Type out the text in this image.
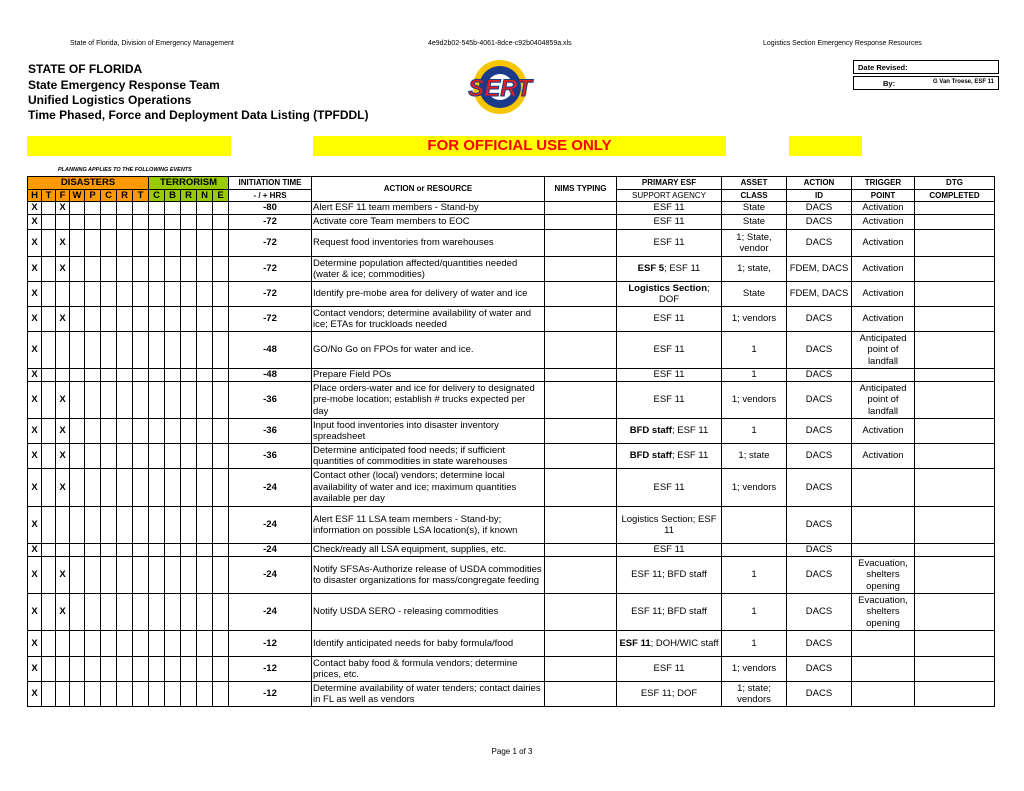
State of Florida, Division of Emergency Management	4e9d2b02-545b-4061-8dce-c92b0404859a.xls	Logistics Section Emergency Response Resources
STATE OF FLORIDA
State Emergency Response Team
Unified Logistics Operations
Time Phased, Force and Deployment Data Listing (TPFDDL)
SERT
Date Revised:
By:	G Van Troese, ESF 11
FOR OFFICIAL USE ONLY
PLANNING APPLIES TO THE FOLLOWING EVENTS
DISASTERS								TERRORISM					INITIATION TIME	ACTION or RESOURCE	NIMS TYPING	PRIMARY ESF	ASSET	ACTION	TRIGGER	DTG
H	T	F	W	P	C	R	T	C	B	R	N	E	- / + HRS			SUPPORT AGENCY	CLASS	ID	POINT	COMPLETED
X		X											-80	Alert ESF 11 team members - Stand-by		ESF 11	State	DACS	Activation	
X													-72	Activate core Team members to EOC		ESF 11	State	DACS	Activation	
X		X											-72	Request food inventories from warehouses		ESF 11	1; State, vendor	DACS	Activation	
X		X											-72	Determine population affected/quantities needed (water & ice; commodities)		ESF 5; ESF 11	1; state,	FDEM, DACS	Activation	
X													-72	Identify pre-mobe area for delivery of water and ice		Logistics Section; DOF	State	FDEM, DACS	Activation	
X		X											-72	Contact vendors; determine availability of water and ice; ETAs for truckloads needed		ESF 11	1; vendors	DACS	Activation	
X													-48	GO/No Go on FPOs for water and ice.		ESF 11	1	DACS	Anticipated point of landfall	
X													-48	Prepare Field POs		ESF 11	1	DACS		
X		X											-36	Place orders-water and ice for delivery to designated pre-mobe location; establish # trucks expected per day		ESF 11	1; vendors	DACS	Anticipated point of landfall	
X		X											-36	Input food inventories into disaster inventory spreadsheet		BFD staff; ESF 11	1	DACS	Activation	
X		X											-36	Determine anticipated food needs; if sufficient quantities of commodities in state warehouses		BFD staff; ESF 11	1; state	DACS	Activation	
X		X											-24	Contact other (local) vendors; determine local availability of water and ice; maximum quantities available per day		ESF 11	1; vendors	DACS		
X													-24	Alert ESF 11 LSA team members - Stand-by; information on possible LSA location(s), if known		Logistics Section; ESF 11		DACS		
X													-24	Check/ready all LSA equipment, supplies, etc.		ESF 11		DACS		
X		X											-24	Notify SFSAs-Authorize release of USDA commodities to disaster organizations for mass/congregate feeding		ESF 11; BFD staff	1	DACS	Evacuation, shelters opening	
X		X											-24	Notify USDA SERO - releasing commodities		ESF 11; BFD staff	1	DACS	Evacuation, shelters opening	
X													-12	Identify anticipated needs for baby formula/food		ESF 11; DOH/WIC staff	1	DACS		
X													-12	Contact baby food & formula vendors; determine prices, etc.		ESF 11	1; vendors	DACS		
X													-12	Determine availability of water tenders; contact dairies in FL as well as vendors		ESF 11; DOF	1; state; vendors	DACS		
Page 1 of 3
